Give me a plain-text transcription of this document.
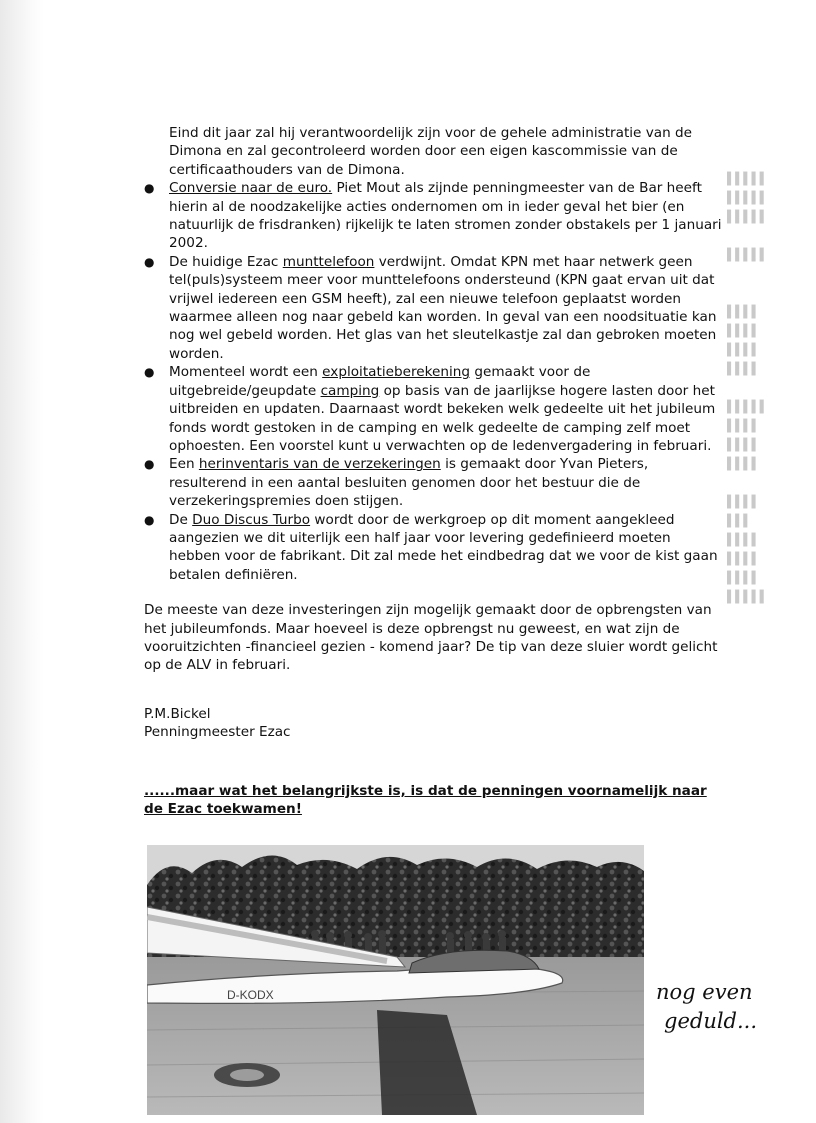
▌▌▌▌▌
▌▌▌▌▌
▌▌▌▌▌

▌▌▌▌▌

▌▌▌▌
▌▌▌▌
▌▌▌▌
▌▌▌▌

▌▌▌▌▌
▌▌▌▌
▌▌▌▌
▌▌▌▌

▌▌▌▌
▌▌▌
▌▌▌▌
▌▌▌▌
▌▌▌▌
▌▌▌▌▌

Eind dit jaar zal hij verantwoordelijk zijn voor de gehele administratie van de Dimona en zal gecontroleerd worden door een eigen kascommissie van de certificaathouders van de Dimona.

● Conversie naar de euro. Piet Mout als zijnde penningmeester van de Bar heeft hierin al de noodzakelijke acties ondernomen om in ieder geval het bier (en natuurlijk de frisdranken) rijkelijk te laten stromen zonder obstakels per 1 januari 2002.
● De huidige Ezac munttelefoon verdwijnt. Omdat KPN met haar netwerk geen tel(puls)systeem meer voor munttelefoons ondersteund (KPN gaat ervan uit dat vrijwel iedereen een GSM heeft), zal een nieuwe telefoon geplaatst worden waarmee alleen nog naar gebeld kan worden. In geval van een noodsituatie kan nog wel gebeld worden. Het glas van het sleutelkastje zal dan gebroken moeten worden.
● Momenteel wordt een exploitatieberekening gemaakt voor de uitgebreide/geupdate camping op basis van de jaarlijkse hogere lasten door het uitbreiden en updaten. Daarnaast wordt bekeken welk gedeelte uit het jubileum fonds wordt gestoken in de camping en welk gedeelte de camping zelf moet ophoesten. Een voorstel kunt u verwachten op de ledenvergadering in februari.
● Een herinventaris van de verzekeringen is gemaakt door Yvan Pieters, resulterend in een aantal besluiten genomen door het bestuur die de verzekeringspremies doen stijgen.
● De Duo Discus Turbo wordt door de werkgroep op dit moment aangekleed aangezien we dit uiterlijk een half jaar voor levering gedefinieerd moeten hebben voor de fabrikant. Dit zal mede het eindbedrag dat we voor de kist gaan betalen definiëren.

De meeste van deze investeringen zijn mogelijk gemaakt door de opbrengsten van het jubileumfonds. Maar hoeveel is deze opbrengst nu geweest, en wat zijn de vooruitzichten -financieel gezien - komend jaar? De tip van deze sluier wordt gelicht op de ALV in februari.

P.M.Bickel
Penningmeester Ezac

......maar wat het belangrijkste is, is dat de penningen voornamelijk naar de Ezac toekwamen!

D-KODX	nog even
geduld...
